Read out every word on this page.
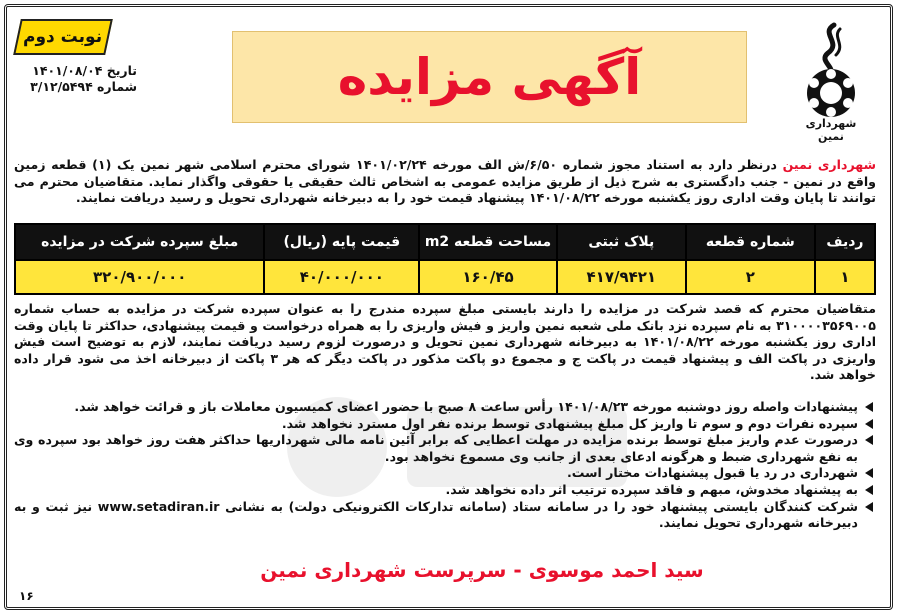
نوبت دوم
تاریخ ۱۴۰۱/۰۸/۰۴
شماره ۳/۱۲/۵۴۹۴	آگهی مزایده
شهرداری نمین

شهرداری نمین درنظر دارد به استناد مجوز شماره ۶/۵۰/ش الف مورخه ۱۴۰۱/۰۲/۲۴ شورای محترم اسلامی شهر نمین یک (۱) قطعه زمین واقع در نمین - جنب دادگستری به شرح ذیل از طریق مزایده عمومی به اشخاص ثالث حقیقی یا حقوقی واگذار نماید. متقاضیان محترم می توانند تا پایان وقت اداری روز یکشنبه مورخه ۱۴۰۱/۰۸/۲۲ پیشنهاد قیمت خود را به دبیرخانه شهرداری تحویل و رسید دریافت نمایند.

ردیف	شماره قطعه	پلاک ثبتی	مساحت قطعه m2	قیمت پایه (ریال)	مبلغ سپرده شرکت در مزایده
۱	۲	۴۱۷/۹۴۲۱	۱۶۰/۴۵	۴۰/۰۰۰/۰۰۰	۳۲۰/۹۰۰/۰۰۰

متقاضیان محترم که قصد شرکت در مزایده را دارند بایستی مبلغ سپرده مندرج را به عنوان سپرده شرکت در مزایده به حساب شماره ۳۱۰۰۰۰۳۵۶۹۰۰۵ به نام سپرده نزد بانک ملی شعبه نمین واریز و فیش واریزی را به همراه درخواست و قیمت پیشنهادی، حداکثر تا پایان وقت اداری روز یکشنبه مورخه ۱۴۰۱/۰۸/۲۲ به دبیرخانه شهرداری نمین تحویل و درصورت لزوم رسید دریافت نمایند، لازم به توضیح است فیش واریزی در پاکت الف و پیشنهاد قیمت در پاکت ج و مجموع دو پاکت مذکور در پاکت دیگر که هر ۳ پاکت از دبیرخانه اخذ می شود قرار داده خواهد شد.

پیشنهادات واصله روز دوشنبه مورخه ۱۴۰۱/۰۸/۲۳ رأس ساعت ۸ صبح با حضور اعضای کمیسیون معاملات باز و قرائت خواهد شد.
سپرده نفرات دوم و سوم تا واریز کل مبلغ پیشنهادی توسط برنده نفر اول مسترد نخواهد شد.
درصورت عدم واریز مبلغ توسط برنده مزایده در مهلت اعطایی که برابر آئین نامه مالی شهرداریها حداکثر هفت روز خواهد بود سپرده وی به نفع شهرداری ضبط و هرگونه ادعای بعدی از جانب وی مسموع نخواهد بود.
شهرداری در رد یا قبول پیشنهادات مختار است.
به پیشنهاد مخدوش، مبهم و فاقد سپرده ترتیب اثر داده نخواهد شد.
شرکت کنندگان بایستی پیشنهاد خود را در سامانه ستاد (سامانه تدارکات الکترونیکی دولت) به نشانی www.setadiran.ir نیز ثبت و به دبیرخانه شهرداری تحویل نمایند.
سید احمد موسوی - سرپرست شهرداری نمین
۱۶
